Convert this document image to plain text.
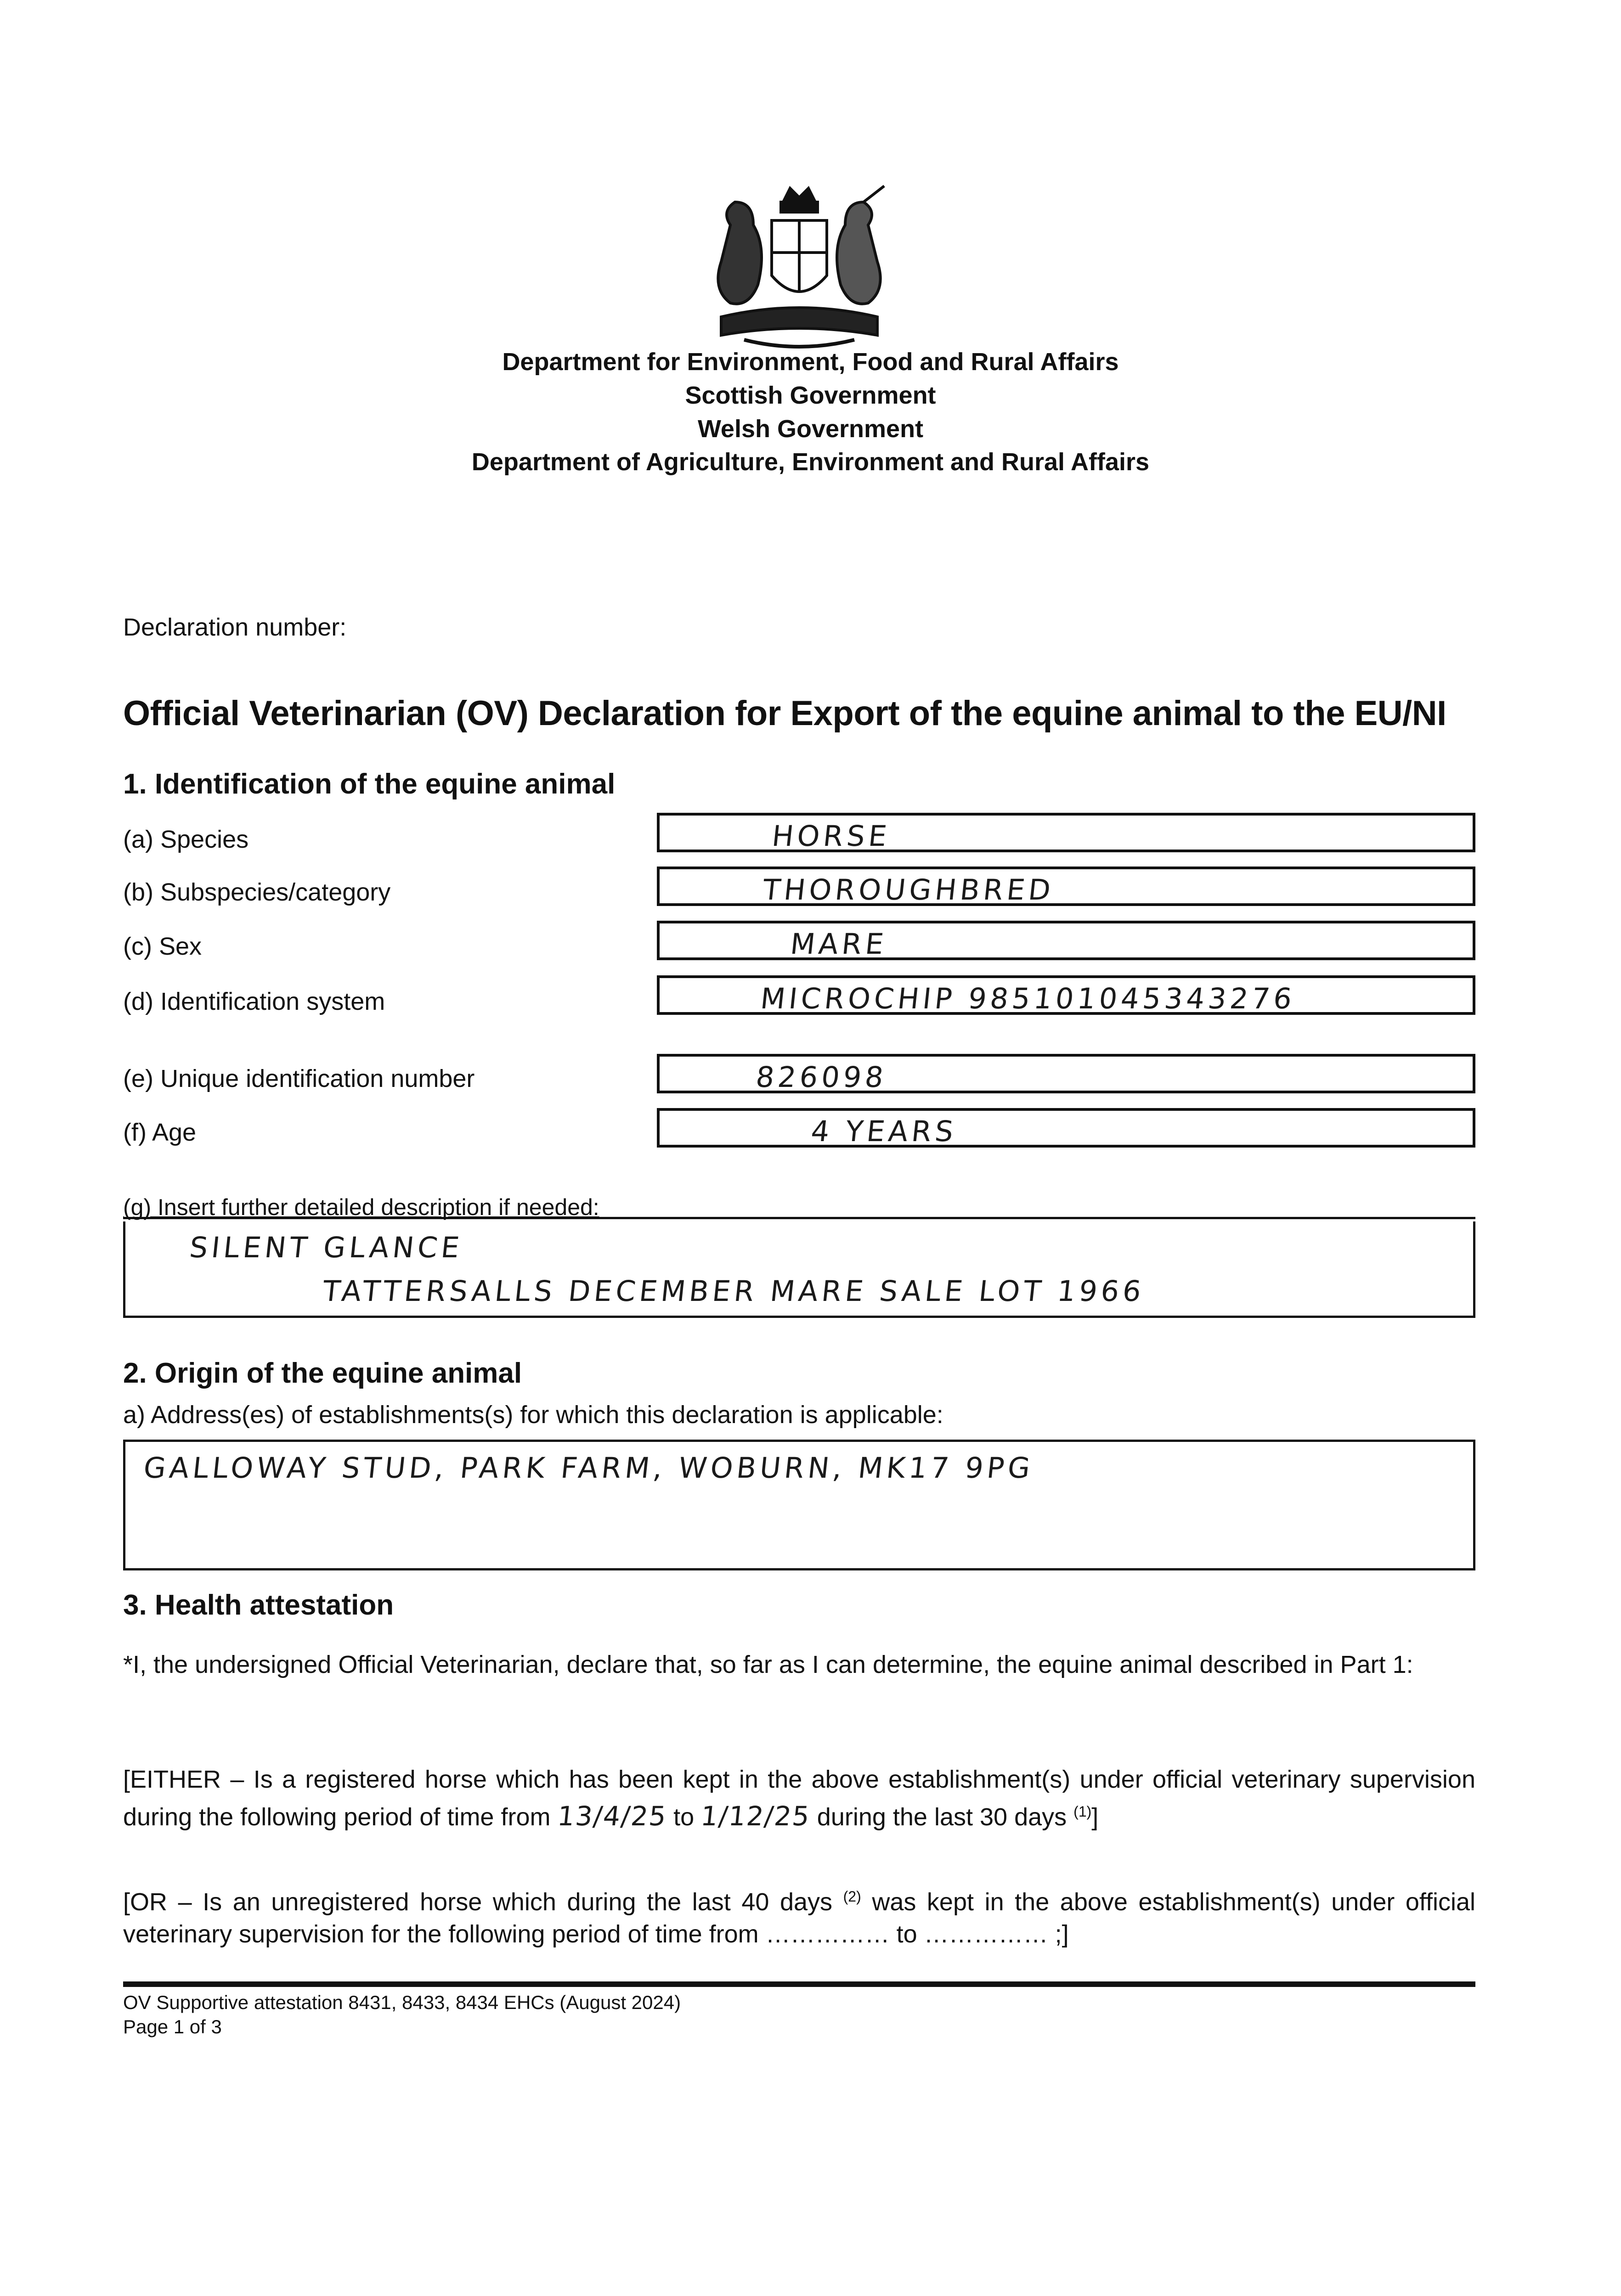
Department for Environment, Food and Rural Affairs
Scottish Government
Welsh Government
Department of Agriculture, Environment and Rural Affairs
Declaration number:
Official Veterinarian (OV) Declaration for Export of the equine animal to the EU/NI
1. Identification of the equine animal
(a) Species	HORSE
(b) Subspecies/category	THOROUGHBRED
(c) Sex	MARE
(d) Identification system	MICROCHIP 985101045343276
(e) Unique identification number	826098
(f) Age	4 YEARS
(g) Insert further detailed description if needed:
SILENT GLANCE
TATTERSALLS DECEMBER MARE SALE LOT 1966
2. Origin of the equine animal
a) Address(es) of establishments(s) for which this declaration is applicable:
GALLOWAY STUD, PARK FARM, WOBURN, MK17 9PG
3. Health attestation
*I, the undersigned Official Veterinarian, declare that, so far as I can determine, the equine animal described in Part 1:
[EITHER – Is a registered horse which has been kept in the above establishment(s) under official veterinary supervision during the following period of time from 13/4/25 to 1/12/25 during the last 30 days $^{(1)}$]
[OR – Is an unregistered horse which during the last 40 days $^{(2)}$ was kept in the above establishment(s) under official veterinary supervision for the following period of time from …………… to …………… ;]
OV Supportive attestation 8431, 8433, 8434 EHCs (August 2024)
Page 1 of 3
